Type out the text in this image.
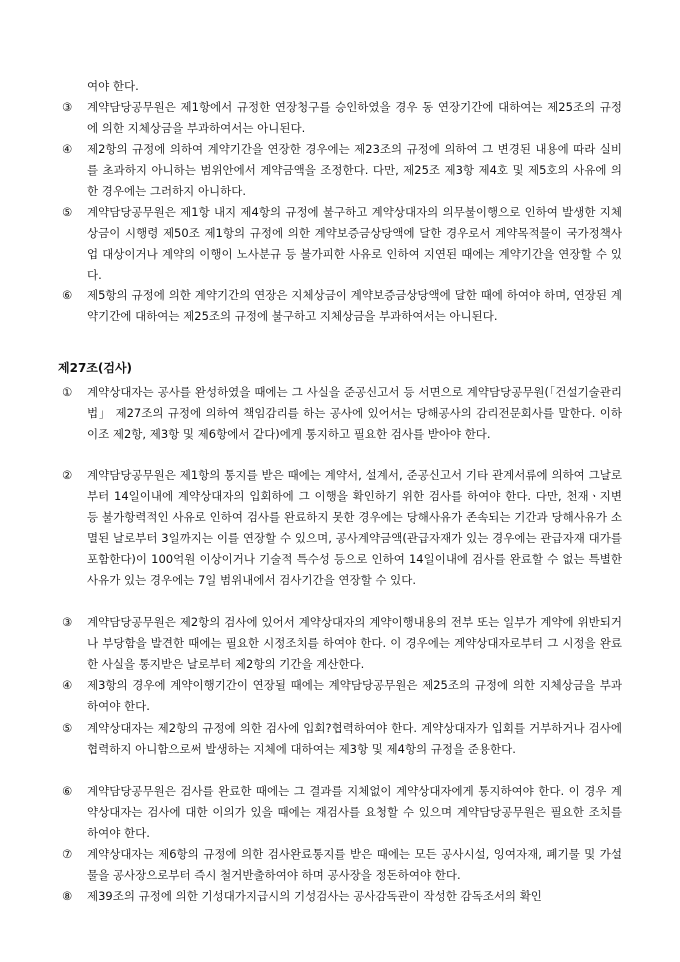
여야 한다.
③	계약담당공무원은 제1항에서 규정한 연장청구를 승인하였을 경우 동 연장기간에 대하여는 제25조의 규정에 의한 지체상금을 부과하여서는 아니된다.
④	제2항의 규정에 의하여 계약기간을 연장한 경우에는 제23조의 규정에 의하여 그 변경된 내용에 따라 실비를 초과하지 아니하는 범위안에서 계약금액을 조정한다. 다만, 제25조 제3항 제4호 및 제5호의 사유에 의한 경우에는 그러하지 아니하다.
⑤	계약담당공무원은 제1항 내지 제4항의 규정에 불구하고 계약상대자의 의무불이행으로 인하여 발생한 지체상금이 시행령 제50조 제1항의 규정에 의한 계약보증금상당액에 달한 경우로서 계약목적물이 국가정책사업 대상이거나 계약의 이행이 노사분규 등 불가피한 사유로 인하여 지연된 때에는 계약기간을 연장할 수 있다.
⑥	제5항의 규정에 의한 계약기간의 연장은 지체상금이 계약보증금상당액에 달한 때에 하여야 하며, 연장된 계약기간에 대하여는 제25조의 규정에 불구하고 지체상금을 부과하여서는 아니된다.
제27조(검사)
①	계약상대자는 공사를 완성하였을 때에는 그 사실을 준공신고서 등 서면으로 계약담당공무원(「건설기술관리법」 제27조의 규정에 의하여 책임감리를 하는 공사에 있어서는 당해공사의 감리전문회사를 말한다. 이하 이조 제2항, 제3항 및 제6항에서 같다)에게 통지하고 필요한 검사를 받아야 한다.
②	계약담당공무원은 제1항의 통지를 받은 때에는 계약서, 설계서, 준공신고서 기타 관계서류에 의하여 그날로부터 14일이내에 계약상대자의 입회하에 그 이행을 확인하기 위한 검사를 하여야 한다. 다만, 천재ㆍ지변 등 불가항력적인 사유로 인하여 검사를 완료하지 못한 경우에는 당해사유가 존속되는 기간과 당해사유가 소멸된 날로부터 3일까지는 이를 연장할 수 있으며, 공사계약금액(관급자재가 있는 경우에는 관급자재 대가를 포함한다)이 100억원 이상이거나 기술적 특수성 등으로 인하여 14일이내에 검사를 완료할 수 없는 특별한 사유가 있는 경우에는 7일 범위내에서 검사기간을 연장할 수 있다.
③	계약담당공무원은 제2항의 검사에 있어서 계약상대자의 계약이행내용의 전부 또는 일부가 계약에 위반되거나 부당함을 발견한 때에는 필요한 시정조치를 하여야 한다. 이 경우에는 계약상대자로부터 그 시정을 완료한 사실을 통지받은 날로부터 제2항의 기간을 계산한다.
④	제3항의 경우에 계약이행기간이 연장될 때에는 계약담당공무원은 제25조의 규정에 의한 지체상금을 부과하여야 한다.
⑤	계약상대자는 제2항의 규정에 의한 검사에 입회?협력하여야 한다. 계약상대자가 입회를 거부하거나 검사에 협력하지 아니함으로써 발생하는 지체에 대하여는 제3항 및 제4항의 규정을 준용한다.
⑥	계약담당공무원은 검사를 완료한 때에는 그 결과를 지체없이 계약상대자에게 통지하여야 한다. 이 경우 계약상대자는 검사에 대한 이의가 있을 때에는 재검사를 요청할 수 있으며 계약담당공무원은 필요한 조치를 하여야 한다.
⑦	계약상대자는 제6항의 규정에 의한 검사완료통지를 받은 때에는 모든 공사시설, 잉여자재, 폐기물 및 가설물을 공사장으로부터 즉시 철거반출하여야 하며 공사장을 정돈하여야 한다.
⑧	제39조의 규정에 의한 기성대가지급시의 기성검사는 공사감독관이 작성한 감독조서의 확인
